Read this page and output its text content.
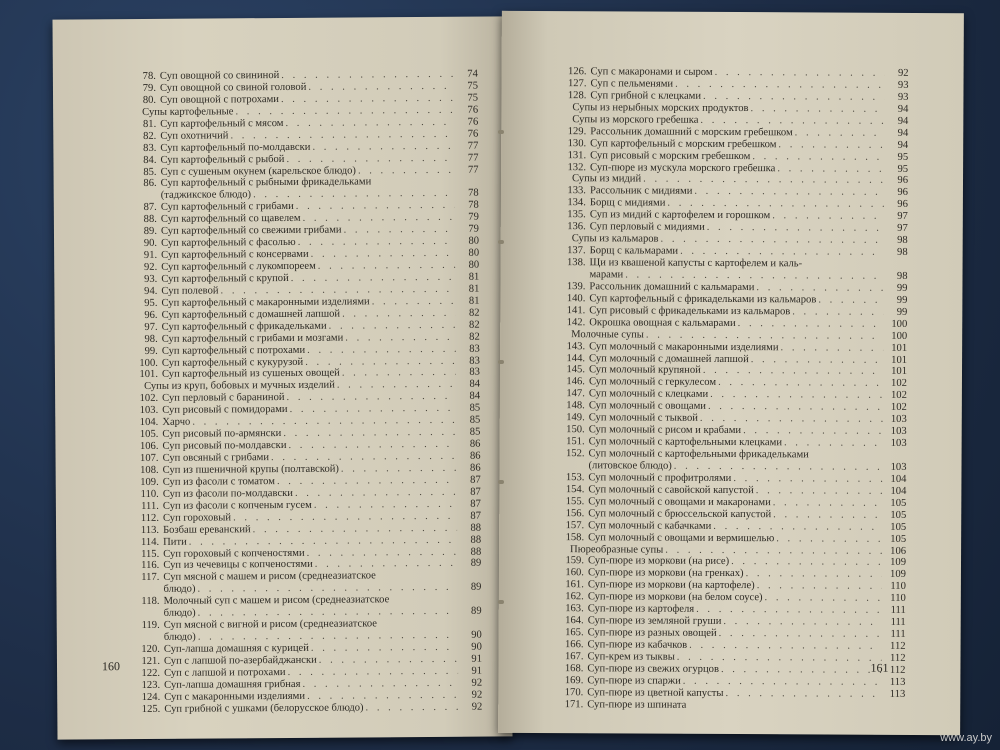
78. Суп овощной со свининой . . .	74
79. Суп овощной со свиной головой . . .	75
80. Суп овощной с потрохами . . .	75
Супы картофельные . . .	76
81. Суп картофельный с мясом . . .	76
82. Суп охотничий . . .	76
83. Суп картофельный по-молдавски . . .	77
84. Суп картофельный с рыбой . . .	77
85. Суп с сушеным окунем (карельское блюдо) . . .	77
86. Суп картофельный с рыбными фрикадельками
(таджикское блюдо) . . .	78
87. Суп картофельный с грибами . . .	78
88. Суп картофельный со щавелем . . .	79
89. Суп картофельный со свежими грибами . . .	79
90. Суп картофельный с фасолью . . .	80
91. Суп картофельный с консервами . . .	80
92. Суп картофельный с лукомпореем . . .	80
93. Суп картофельный с крупой . . .	81
94. Суп полевой . . .	81
95. Суп картофельный с макаронными изделиями . . .	81
96. Суп картофельный с домашней лапшой . . .	82
97. Суп картофельный с фрикадельками . . .	82
98. Суп картофельный с грибами и мозгами . . .	82
99. Суп картофельный с потрохами . . .	83
100. Суп картофельный с кукурузой . . .	83
101. Суп картофельный из сушеных овощей . . .	83
Супы из круп, бобовых и мучных изделий . . .	84
102. Суп перловый с бараниной . . .	84
103. Суп рисовый с помидорами . . .	85
104. Харчо . . .	85
105. Суп рисовый по-армянски . . .	85
106. Суп рисовый по-молдавски . . .	86
107. Суп овсяный с грибами . . .	86
108. Суп из пшеничной крупы (полтавской) . . .	86
109. Суп из фасоли с томатом . . .	87
110. Суп из фасоли по-молдавски . . .	87
111. Суп из фасоли с копченым гусем . . .	87
112. Суп гороховый . . .	87
113. Бозбаш ереванский . . .	88
114. Пити . . .	88
115. Суп гороховый с копченостями . . .	88
116. Суп из чечевицы с копченостями . . .	89
117. Суп мясной с машем и рисом (среднеазиатское
блюдо) . . .	89
118. Молочный суп с машем и рисом (среднеазиатское
блюдо) . . .	89
119. Суп мясной с вигной и рисом (среднеазиатское
блюдо) . . .	90
120. Суп-лапша домашняя с курицей . . .	90
121. Суп с лапшой по-азербайджански . . .	91
122. Суп с лапшой и потрохами . . .	91
123. Суп-лапша домашняя грибная . . .	92
124. Суп с макаронными изделиями . . .	92
125. Суп грибной с ушками (белорусское блюдо) . . .	92
160
126. Суп с макаронами и сыром . . .	92
127. Суп с пельменями . . .	93
128. Суп грибной с клецками . . .	93
Супы из нерыбных морских продуктов . . .	94
Супы из морского гребешка . . .	94
129. Рассольник домашний с морским гребешком . . .	94
130. Суп картофельный с морским гребешком . . .	94
131. Суп рисовый с морским гребешком . . .	95
132. Суп-пюре из мускула морского гребешка . . .	95
Супы из мидий . . .	96
133. Рассольник с мидиями . . .	96
134. Борщ с мидиями . . .	96
135. Суп из мидий с картофелем и горошком . . .	97
136. Суп перловый с мидиями . . .	97
Супы из кальмаров . . .	98
137. Борщ с кальмарами . . .	98
138. Щи из квашеной капусты с картофелем и каль-
марами . . .	98
139. Рассольник домашний с кальмарами . . .	99
140. Суп картофельный с фрикадельками из кальмаров . . .	99
141. Суп рисовый с фрикадельками из кальмаров . . .	99
142. Окрошка овощная с кальмарами . . .	100
Молочные супы . . .	100
143. Суп молочный с макаронными изделиями . . .	101
144. Суп молочный с домашней лапшой . . .	101
145. Суп молочный крупяной . . .	101
146. Суп молочный с геркулесом . . .	102
147. Суп молочный с клецками . . .	102
148. Суп молочный с овощами . . .	102
149. Суп молочный с тыквой . . .	103
150. Суп молочный с рисом и крабами . . .	103
151. Суп молочный с картофельными клецками . . .	103
152. Суп молочный с картофельными фрикадельками
(литовское блюдо) . . .	103
153. Суп молочный с профитролями . . .	104
154. Суп молочный с савойской капустой . . .	104
155. Суп молочный с овощами и макаронами . . .	105
156. Суп молочный с брюссельской капустой . . .	105
157. Суп молочный с кабачками . . .	105
158. Суп молочный с овощами и вермишелью . . .	105
Пюреобразные супы . . .	106
159. Суп-пюре из моркови (на рисе) . . .	109
160. Суп-пюре из моркови (на гренках) . . .	109
161. Суп-пюре из моркови (на картофеле) . . .	110
162. Суп-пюре из моркови (на белом соусе) . . .	110
163. Суп-пюре из картофеля . . .	111
164. Суп-пюре из земляной груши . . .	111
165. Суп-пюре из разных овощей . . .	111
166. Суп-пюре из кабачков . . .	112
167. Суп-крем из тыквы . . .	112
168. Суп-пюре из свежих огурцов . . .	112
169. Суп-пюре из спаржи . . .	113
170. Суп-пюре из цветной капусты . . .	113
171. Суп-пюре из шпината
161
www.ay.by
